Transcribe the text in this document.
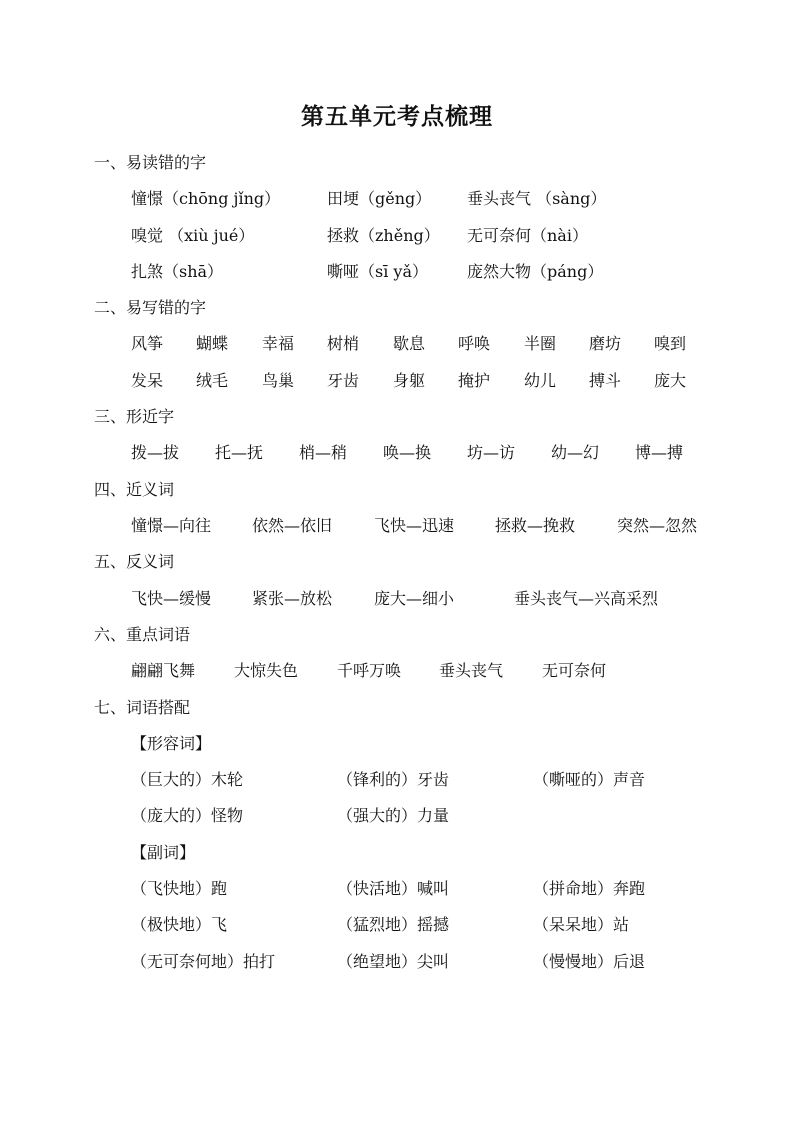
第五单元考点梳理
一、易读错的字
憧憬（chōng jǐng）	田埂（gěng） 垂头丧气 （sàng）
嗅觉 （xiù jué）	拯救（zhěng） 无可奈何（nài）
扎煞（shā）	嘶哑（sī yǎ） 庞然大物（páng）
二、易写错的字
风筝 蝴蝶 幸福 树梢 歇息 呼唤 半圈 磨坊 嗅到
发呆 绒毛 鸟巢 牙齿 身躯 掩护 幼儿 搏斗 庞大
三、形近字
拨—拔 托—抚 梢—稍 唤—换 坊—访 幼—幻 博—搏
四、近义词
憧憬—向往	依然—依旧	飞快—迅速	拯救—挽救	突然—忽然
五、反义词
飞快—缓慢	紧张—放松	庞大—细小	垂头丧气—兴高采烈
六、重点词语
翩翩飞舞 大惊失色 千呼万唤 垂头丧气 无可奈何
七、词语搭配
【形容词】
（巨大的）木轮	（锋利的）牙齿	（嘶哑的）声音
（庞大的）怪物	（强大的）力量
【副词】
（飞快地）跑	（快活地）喊叫	（拼命地）奔跑
（极快地）飞	（猛烈地）摇撼	（呆呆地）站
（无可奈何地）拍打	（绝望地）尖叫	（慢慢地）后退
